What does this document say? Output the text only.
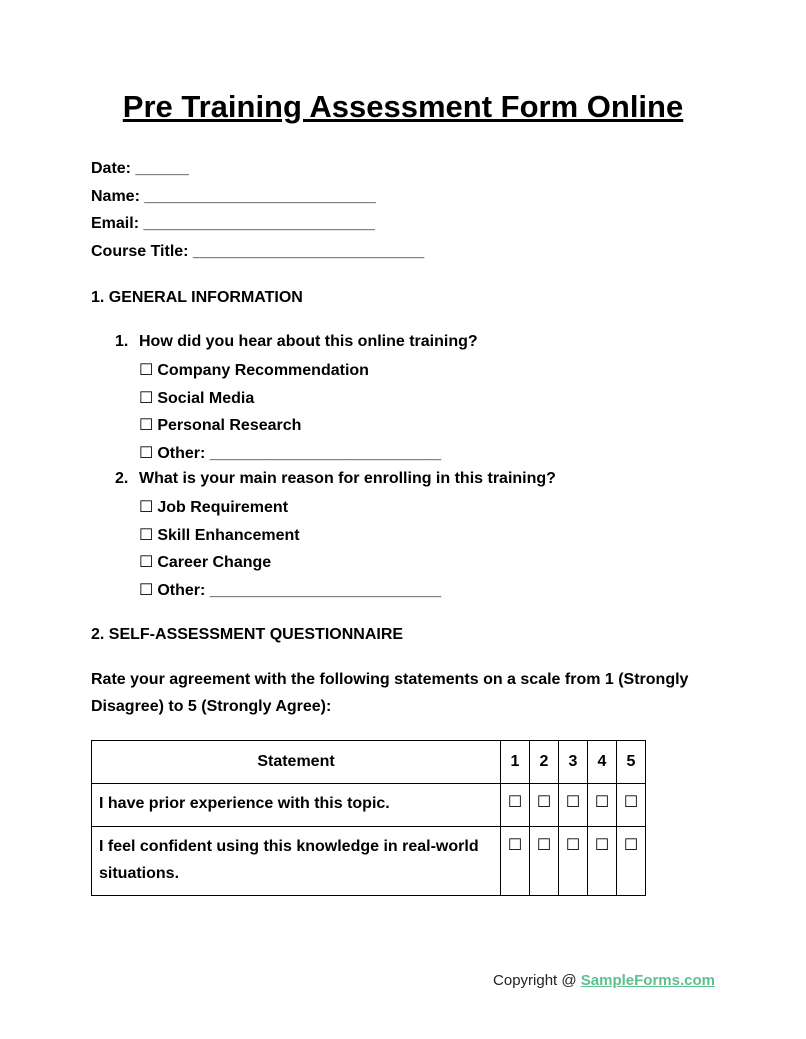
Pre Training Assessment Form Online
Date: ______
Name: __________________________
Email: __________________________
Course Title: __________________________
1. GENERAL INFORMATION
1. How did you hear about this online training?
☐ Company Recommendation
☐ Social Media
☐ Personal Research
☐ Other: __________________________
2. What is your main reason for enrolling in this training?
☐ Job Requirement
☐ Skill Enhancement
☐ Career Change
☐ Other: __________________________
2. SELF-ASSESSMENT QUESTIONNAIRE
Rate your agreement with the following statements on a scale from 1 (Strongly Disagree) to 5 (Strongly Agree):
Statement	1	2	3	4	5
I have prior experience with this topic.	☐	☐	☐	☐	☐
I feel confident using this knowledge in real-world situations.	☐	☐	☐	☐	☐
Copyright @ SampleForms.com
